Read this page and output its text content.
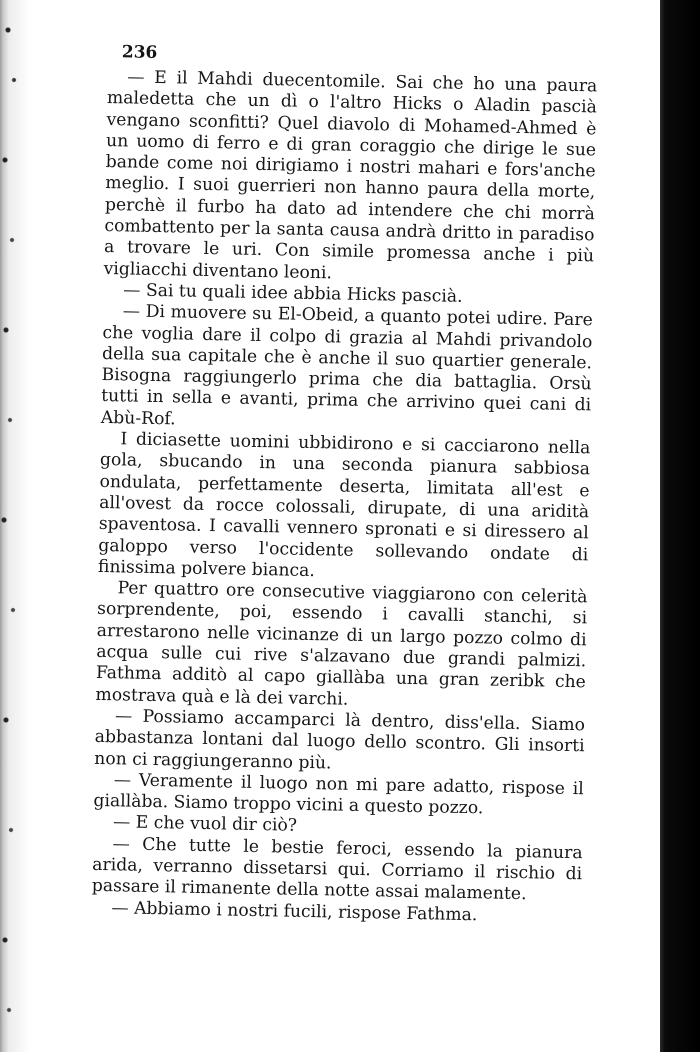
236

— E il Mahdi duecentomile. Sai che ho una paura maledetta che un dì o l'altro Hicks o Aladin pascià vengano sconfitti? Quel diavolo di Mohamed-Ahmed è un uomo di ferro e di gran coraggio che dirige le sue bande come noi dirigiamo i nostri mahari e fors'anche meglio. I suoi guerrieri non hanno paura della morte, perchè il furbo ha dato ad intendere che chi morrà combattento per la santa causa andrà dritto in paradiso a trovare le uri. Con simile promessa anche i più vigliacchi diventano leoni.

— Sai tu quali idee abbia Hicks pascià.

— Di muovere su El-Obeid, a quanto potei udire. Pare che voglia dare il colpo di grazia al Mahdi privandolo della sua capitale che è anche il suo quartier generale. Bisogna raggiungerlo prima che dia battaglia. Orsù tutti in sella e avanti, prima che arrivino quei cani di Abù-Rof.

I diciasette uomini ubbidirono e si cacciarono nella gola, sbucando in una seconda pianura sabbiosa ondulata, perfettamente deserta, limitata all'est e all'ovest da rocce colossali, dirupate, di una aridità spaventosa. I cavalli vennero spronati e si diressero al galoppo verso l'occidente sollevando ondate di finissima polvere bianca.

Per quattro ore consecutive viaggiarono con celerità sorprendente, poi, essendo i cavalli stanchi, si arrestarono nelle vicinanze di un largo pozzo colmo di acqua sulle cui rive s'alzavano due grandi palmizi. Fathma additò al capo giallàba una gran zeribk che mostrava quà e là dei varchi.

— Possiamo accamparci là dentro, diss'ella. Siamo abbastanza lontani dal luogo dello scontro. Gli insorti non ci raggiungeranno più.

— Veramente il luogo non mi pare adatto, rispose il giallàba. Siamo troppo vicini a questo pozzo.

— E che vuol dir ciò?

— Che tutte le bestie feroci, essendo la pianura arida, verranno dissetarsi qui. Corriamo il rischio di passare il rimanente della notte assai malamente.

— Abbiamo i nostri fucili, rispose Fathma.
